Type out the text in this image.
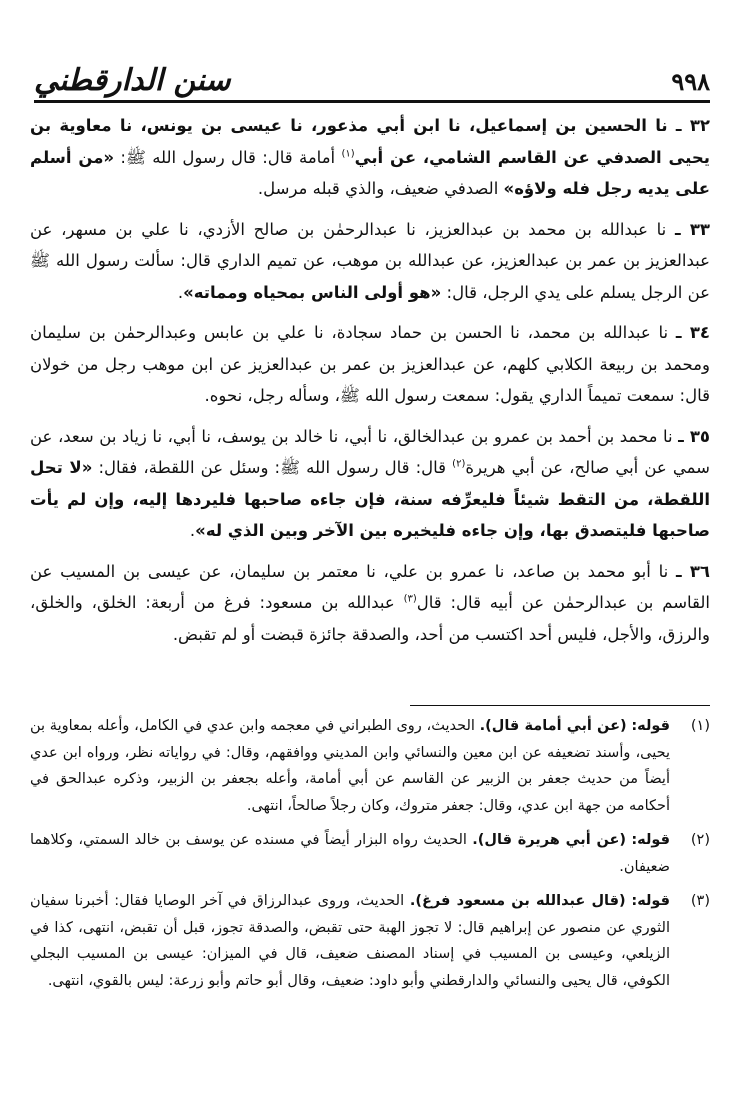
٩٩٨
سنن الدارقطني

٣٢ ـ نا الحسين بن إسماعيل، نا ابن أبي مذعور، نا عيسى بن يونس، نا معاوية بن يحيى الصدفي عن القاسم الشامي، عن أبي$^{(١)}$ أمامة قال: قال رسول الله ﷺ: «من أسلم على يديه رجل فله ولاؤه» الصدفي ضعيف، والذي قبله مرسل.

٣٣ ـ نا عبدالله بن محمد بن عبدالعزيز، نا عبدالرحمٰن بن صالح الأزدي، نا علي بن مسهر، عن عبدالعزيز بن عمر بن عبدالعزيز، عن عبدالله بن موهب، عن تميم الداري قال: سألت رسول الله ﷺ عن الرجل يسلم على يدي الرجل، قال: «هو أولى الناس بمحياه ومماته».

٣٤ ـ نا عبدالله بن محمد، نا الحسن بن حماد سجادة، نا علي بن عابس وعبدالرحمٰن بن سليمان ومحمد بن ربيعة الكلابي كلهم، عن عبدالعزيز بن عمر بن عبدالعزيز عن ابن موهب رجل من خولان قال: سمعت تميماً الداري يقول: سمعت رسول الله ﷺ، وسأله رجل، نحوه.

٣٥ ـ نا محمد بن أحمد بن عمرو بن عبدالخالق، نا أبي، نا خالد بن يوسف، نا أبي، نا زياد بن سعد، عن سمي عن أبي صالح، عن أبي هريرة$^{(٢)}$ قال: قال رسول الله ﷺ: وسئل عن اللقطة، فقال: «لا تحل اللقطة، من التقط شيئاً فليعرِّفه سنة، فإن جاءه صاحبها فليردها إليه، وإن لم يأت صاحبها فليتصدق بها، وإن جاءه فليخيره بين الآخر وبين الذي له».

٣٦ ـ نا أبو محمد بن صاعد، نا عمرو بن علي، نا معتمر بن سليمان، عن عيسى بن المسيب عن القاسم بن عبدالرحمٰن عن أبيه قال: قال$^{(٣)}$ عبدالله بن مسعود: فرغ من أربعة: الخلق، والخلق، والرزق، والأجل، فليس أحد اكتسب من أحد، والصدقة جائزة قبضت أو لم تقبض.

(١)
قوله: (عن أبي أمامة قال). الحديث، روى الطبراني في معجمه وابن عدي في الكامل، وأعله بمعاوية بن يحيى، وأسند تضعيفه عن ابن معين والنسائي وابن المديني ووافقهم، وقال: في رواياته نظر، ورواه ابن عدي أيضاً من حديث جعفر بن الزبير عن القاسم عن أبي أمامة، وأعله بجعفر بن الزبير، وذكره عبدالحق في أحكامه من جهة ابن عدي، وقال: جعفر متروك، وكان رجلاً صالحاً، انتهى.
(٢)
قوله: (عن أبي هريرة قال). الحديث رواه البزار أيضاً في مسنده عن يوسف بن خالد السمتي، وكلاهما ضعيفان.
(٣)
قوله: (قال عبدالله بن مسعود فرغ). الحديث، وروى عبدالرزاق في آخر الوصايا فقال: أخبرنا سفيان الثوري عن منصور عن إبراهيم قال: لا تجوز الهبة حتى تقبض، والصدقة تجوز، قبل أن تقبض، انتهى، كذا في الزيلعي، وعيسى بن المسيب في إسناد المصنف ضعيف، قال في الميزان: عيسى بن المسيب البجلي الكوفي، قال يحيى والنسائي والدارقطني وأبو داود: ضعيف، وقال أبو حاتم وأبو زرعة: ليس بالقوي، انتهى.
